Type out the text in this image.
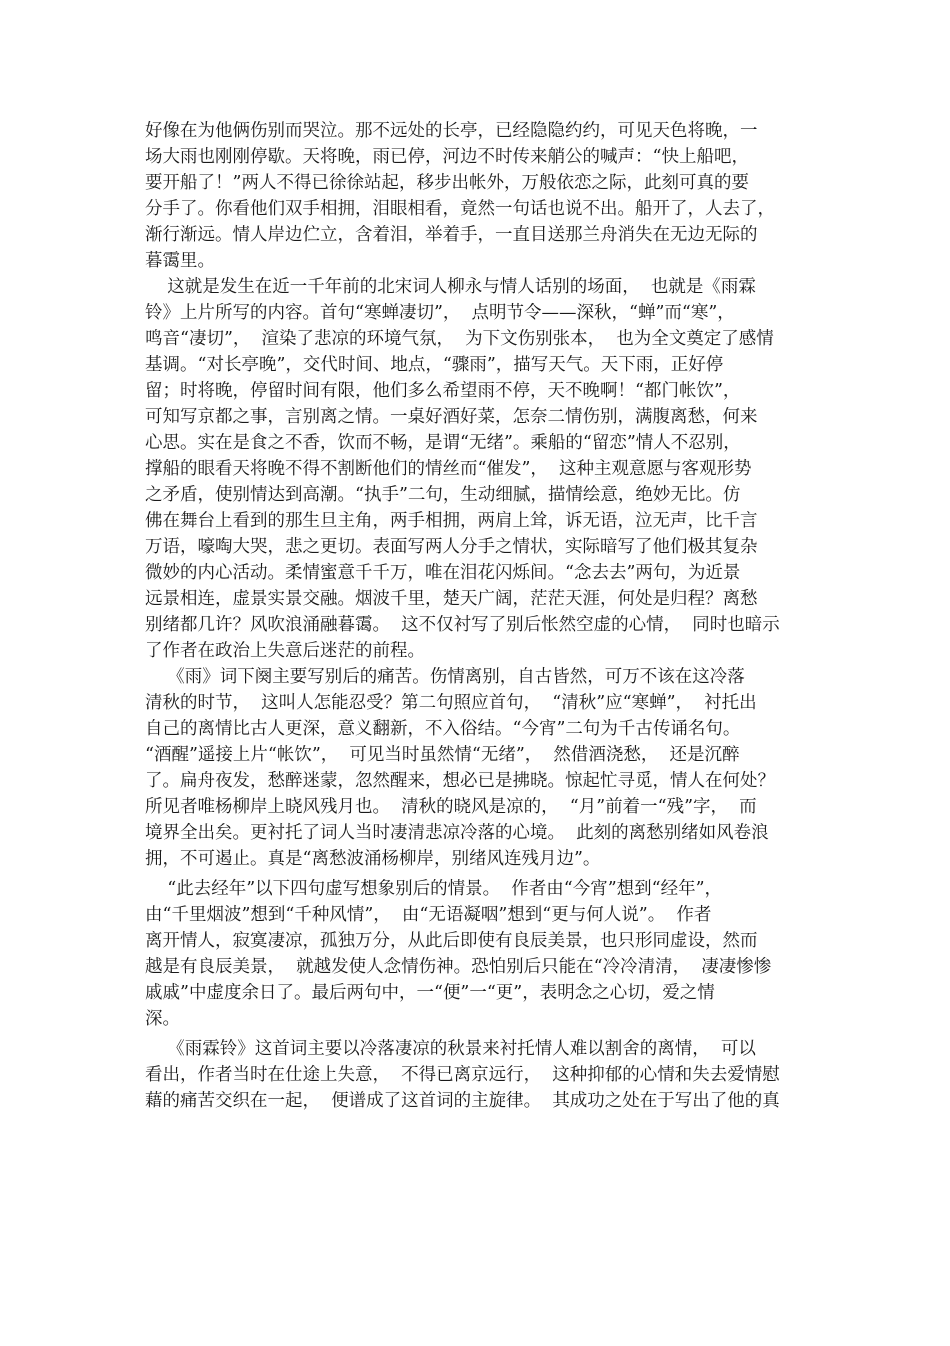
好像在为他俩伤别而哭泣。那不远处的长亭，已经隐隐约约，可见天色将晚，一
场大雨也刚刚停歇。天将晚，雨已停，河边不时传来艄公的喊声：“快上船吧，
要开船了！”两人不得已徐徐站起，移步出帐外，万般依恋之际，此刻可真的要
分手了。你看他们双手相拥，泪眼相看，竟然一句话也说不出。船开了，人去了，
渐行渐远。情人岸边伫立，含着泪，举着手，一直目送那兰舟消失在无边无际的
暮霭里。
这就是发生在近一千年前的北宋词人柳永与情人话别的场面，  也就是《雨霖
铃》上片所写的内容。首句“寒蝉凄切”，  点明节令——深秋，“蝉”而“寒”，
鸣音“凄切”，  渲染了悲凉的环境气氛，  为下文伤别张本，  也为全文奠定了感情
基调。“对长亭晚”，交代时间、地点，“骤雨”，描写天气。天下雨，正好停
留；时将晚，停留时间有限，他们多么希望雨不停，天不晚啊！“都门帐饮”，
可知写京都之事，言别离之情。一桌好酒好菜，怎奈二情伤别，满腹离愁，何来
心思。实在是食之不香，饮而不畅，是谓“无绪”。乘船的“留恋”情人不忍别，
撑船的眼看天将晚不得不割断他们的情丝而“催发”，  这种主观意愿与客观形势
之矛盾，使别情达到高潮。“执手”二句，生动细腻，描情绘意，绝妙无比。仿
佛在舞台上看到的那生旦主角，两手相拥，两肩上耸，诉无语，泣无声，比千言
万语，嚎啕大哭，悲之更切。表面写两人分手之情状，实际暗写了他们极其复杂
微妙的内心活动。柔情蜜意千千万，唯在泪花闪烁间。“念去去”两句，为近景
远景相连，虚景实景交融。烟波千里，楚天广阔，茫茫天涯，何处是归程？离愁
别绪都几许？风吹浪涌融暮霭。  这不仅衬写了别后怅然空虚的心情，  同时也暗示
了作者在政治上失意后迷茫的前程。
《雨》词下阕主要写别后的痛苦。伤情离别，自古皆然，可万不该在这冷落
清秋的时节，  这叫人怎能忍受？第二句照应首句，  “清秋”应“寒蝉”，  衬托出
自己的离情比古人更深，意义翻新，不入俗结。“今宵”二句为千古传诵名句。
“酒醒”遥接上片“帐饮”，  可见当时虽然情“无绪”，  然借酒浇愁，  还是沉醉
了。扁舟夜发，愁醉迷蒙，忽然醒来，想必已是拂晓。惊起忙寻觅，情人在何处？
所见者唯杨柳岸上晓风残月也。  清秋的晓风是凉的，  “月”前着一“残”字，  而
境界全出矣。更衬托了词人当时凄清悲凉冷落的心境。  此刻的离愁别绪如风卷浪
拥，不可遏止。真是“离愁波涌杨柳岸，别绪风连残月边”。
“此去经年”以下四句虚写想象别后的情景。  作者由“今宵”想到“经年”，
由“千里烟波”想到“千种风情”，  由“无语凝咽”想到“更与何人说”。  作者
离开情人，寂寞凄凉，孤独万分，从此后即使有良辰美景，也只形同虚设，然而
越是有良辰美景，  就越发使人念情伤神。恐怕别后只能在“冷冷清清，  凄凄惨惨
戚戚”中虚度余日了。最后两句中，一“便”一“更”，表明念之心切，爱之情
深。
《雨霖铃》这首词主要以冷落凄凉的秋景来衬托情人难以割舍的离情，  可以
看出，作者当时在仕途上失意，  不得已离京远行，  这种抑郁的心情和失去爱情慰
藉的痛苦交织在一起，  便谱成了这首词的主旋律。  其成功之处在于写出了他的真
